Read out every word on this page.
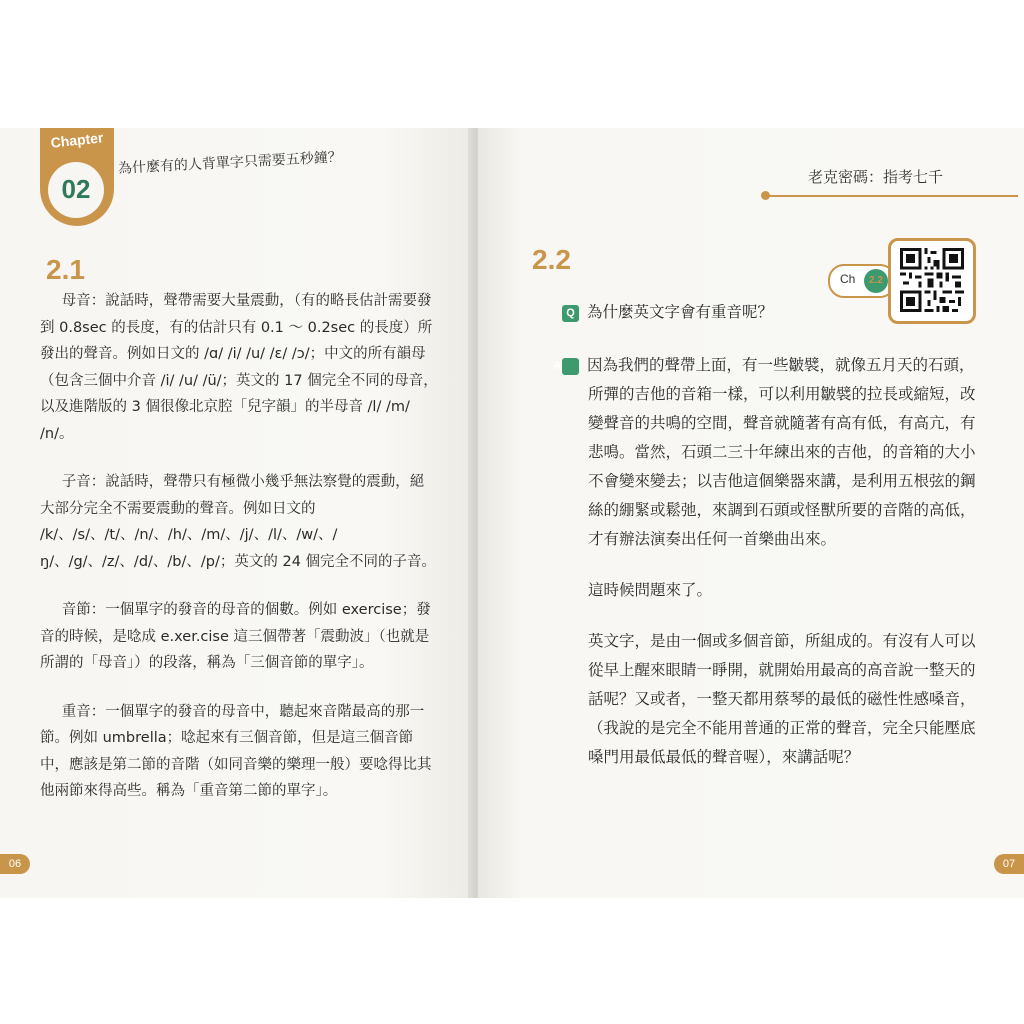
Chapter
02
為什麼有的人背單字只需要五秒鐘？
2.1

母音：說話時，聲帶需要大量震動，（有的略長估計需要發到 0.8sec 的長度，有的估計只有 0.1 ～ 0.2sec 的長度）所發出的聲音。例如日文的 /ɑ/ /i/ /u/ /ɛ/ /ɔ/；中文的所有韻母（包含三個中介音 /i/ /u/ /ü/；英文的 17 個完全不同的母音，以及進階版的 3 個很像北京腔「兒字韻」的半母音 /l/ /m/ /n/。

子音：說話時，聲帶只有極微小幾乎無法察覺的震動，絕大部分完全不需要震動的聲音。例如日文的 /k/、/s/、/t/、/n/、/h/、/m/、/j/、/l/、/w/、/ŋ/、/g/、/z/、/d/、/b/、/p/；英文的 24 個完全不同的子音。

音節：一個單字的發音的母音的個數。例如 exercise；發音的時候，是唸成 e.xer.cise 這三個帶著「震動波」（也就是所謂的「母音」）的段落，稱為「三個音節的單字」。

重音：一個單字的發音的母音中，聽起來音階最高的那一節。例如 umbrella；唸起來有三個音節，但是這三個音節中，應該是第二節的音階（如同音樂的樂理一般）要唸得比其他兩節來得高些。稱為「重音第二節的單字」。

06
老克密碼：指考七千
2.2
Ch	2.2
Q 為什麼英文字會有重音呢？

A 因為我們的聲帶上面，有一些皺襞，就像五月天的石頭，所彈的吉他的音箱一樣，可以利用皺襞的拉長或縮短，改變聲音的共鳴的空間，聲音就隨著有高有低，有高亢，有悲鳴。當然，石頭二三十年練出來的吉他，的音箱的大小不會變來變去；以吉他這個樂器來講，是利用五根弦的鋼絲的綳緊或鬆弛，來調到石頭或怪獸所要的音階的高低，才有辦法演奏出任何一首樂曲出來。

這時候問題來了。

英文字，是由一個或多個音節，所組成的。有沒有人可以從早上醒來眼睛一睜開，就開始用最高的高音說一整天的話呢？又或者，一整天都用蔡琴的最低的磁性性感嗓音，（我說的是完全不能用普通的正常的聲音，完全只能壓底嗓門用最低最低的聲音喔），來講話呢？

07
